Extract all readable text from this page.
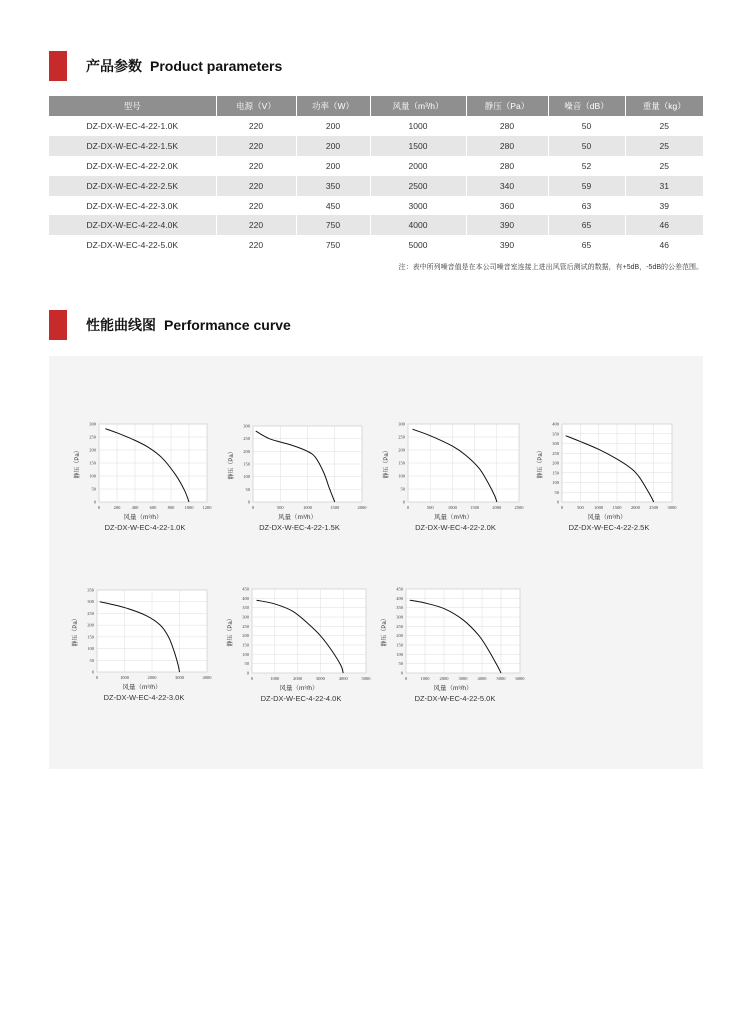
产品参数 Product parameters
型号	电源（V）	功率（W）	风量（m³/h）	静压（Pa）	噪音（dB）	重量（kg）
DZ-DX-W-EC-4-22-1.0K	220	200	1000	280	50	25
DZ-DX-W-EC-4-22-1.5K	220	200	1500	280	50	25
DZ-DX-W-EC-4-22-2.0K	220	200	2000	280	52	25
DZ-DX-W-EC-4-22-2.5K	220	350	2500	340	59	31
DZ-DX-W-EC-4-22-3.0K	220	450	3000	360	63	39
DZ-DX-W-EC-4-22-4.0K	220	750	4000	390	65	46
DZ-DX-W-EC-4-22-5.0K	220	750	5000	390	65	46
注：表中所列噪音值是在本公司噪音室连接上进出风管后测试的数据，有+5dB，-5dB的公差范围。
性能曲线图 Performance curve
0	200	400	600	800 1000 1200
0
50
100
150
200
250
300
静压（Pa）
风量（m³/h）
DZ-DX-W-EC-4-22-1.0K
0	500	1000	1500	2000
0
50
100
150
200
250
300
静压（Pa）
风量（m³/h）
DZ-DX-W-EC-4-22-1.5K
0	500	1000	1500	2000	2500
0
50
100
150
200
250
300
静压（Pa）
风量（m³/h）
DZ-DX-W-EC-4-22-2.0K
0	500 1000 1500 2000 2500 3000
0
50
100
150
200
250
300
350
400
静压（Pa）
风量（m³/h）
DZ-DX-W-EC-4-22-2.5K
0	1000	2000	3000	4000
0
50
100
150
200
250
300
350
静压（Pa）
风量（m³/h）
DZ-DX-W-EC-4-22-3.0K
0	1000	2000	3000	4000	5000
0
50
100
150
200
250
300
350
400
450
静压（Pa）
风量（m³/h）
DZ-DX-W-EC-4-22-4.0K
0	1000 2000 3000 4000 5000 6000
0
50
100
150
200
250
300
350
400
450
静压（Pa）
风量（m³/h）
DZ-DX-W-EC-4-22-5.0K
